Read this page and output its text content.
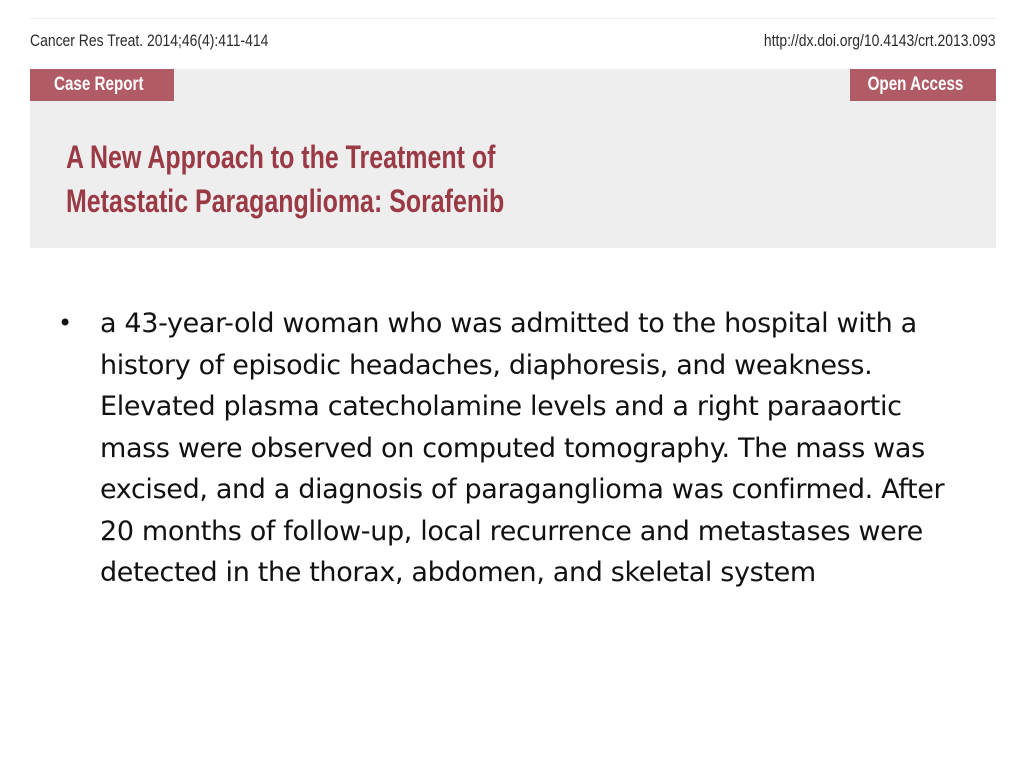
Cancer Res Treat. 2014;46(4):411-414	http://dx.doi.org/10.4143/crt.2013.093
Case Report	Open Access
A New Approach to the Treatment of
Metastatic Paraganglioma: Sorafenib
• a 43-year-old woman who was admitted to the hospital with a history of episodic headaches, diaphoresis, and weakness. Elevated plasma catecholamine levels and a right paraaortic mass were observed on computed tomography. The mass was excised, and a diagnosis of paraganglioma was confirmed. After 20 months of follow-up, local recurrence and metastases were detected in the thorax, abdomen, and skeletal system
